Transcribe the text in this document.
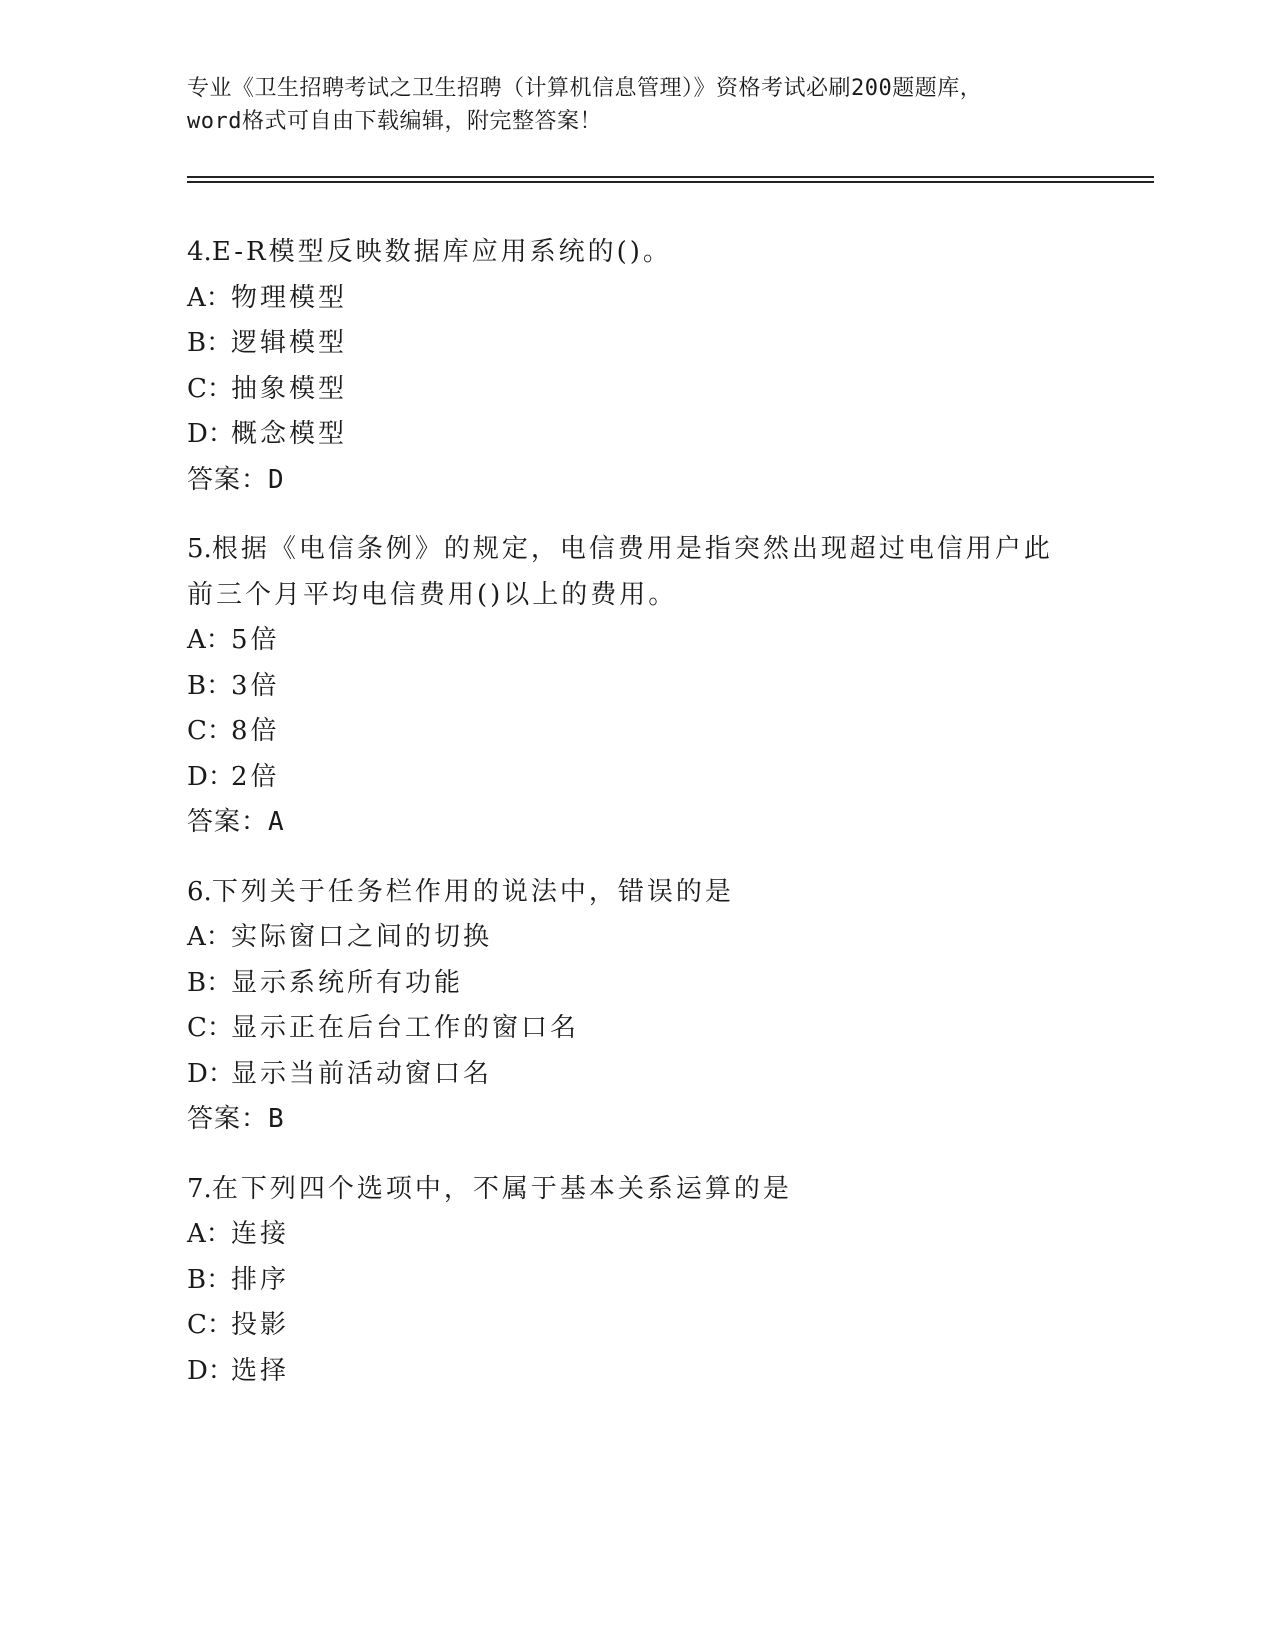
专业《卫生招聘考试之卫生招聘（计算机信息管理）》资格考试必刷200题题库，
word格式可自由下载编辑，附完整答案！
4.E-R模型反映数据库应用系统的()。
A：物理模型
B：逻辑模型
C：抽象模型
D：概念模型
答案：D
5.根据《电信条例》的规定，电信费用是指突然出现超过电信用户此前三个月平均电信费用()以上的费用。
A：5倍
B：3倍
C：8倍
D：2倍
答案：A
6.下列关于任务栏作用的说法中，错误的是
A：实际窗口之间的切换
B：显示系统所有功能
C：显示正在后台工作的窗口名
D：显示当前活动窗口名
答案：B
7.在下列四个选项中，不属于基本关系运算的是
A：连接
B：排序
C：投影
D：选择
